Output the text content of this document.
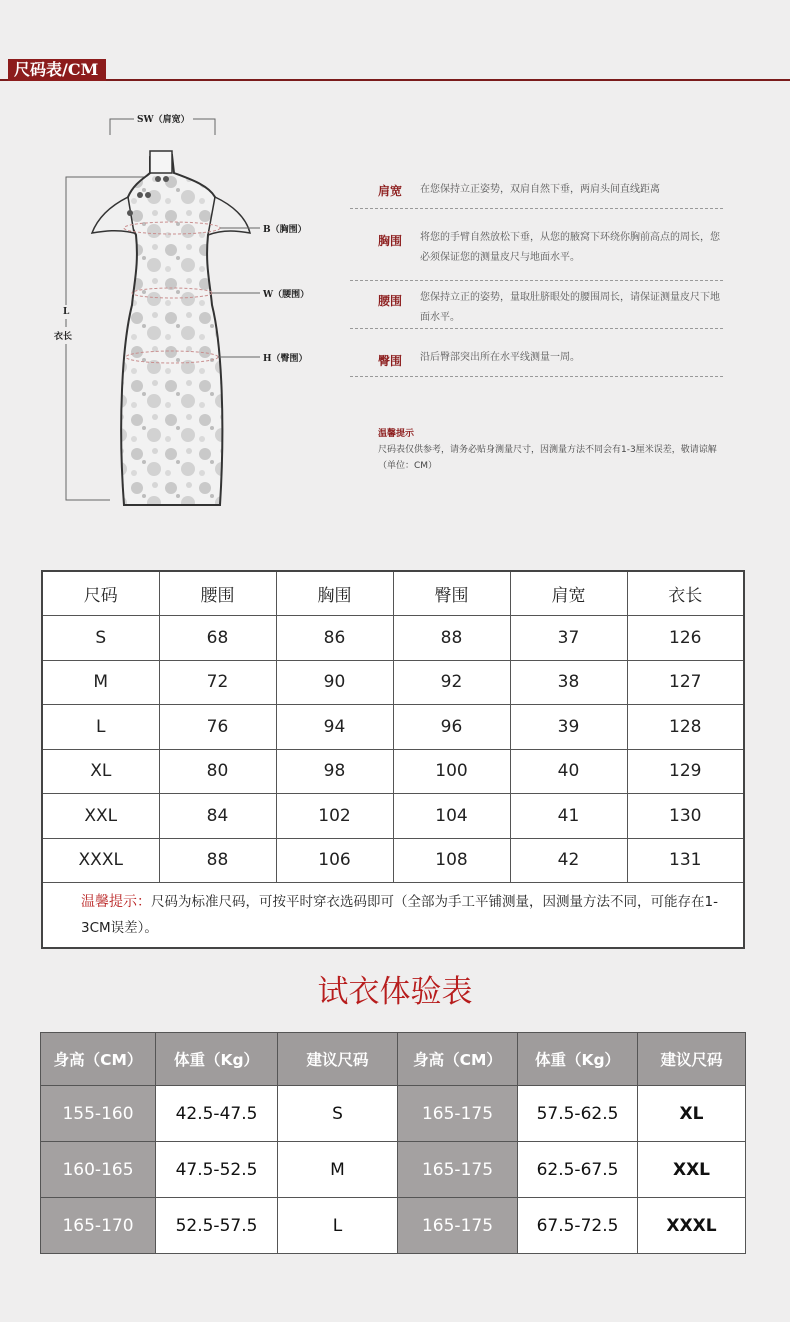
尺码表/CM
SW（肩宽）
B（胸围）
W（腰围）
H（臀围）
L
衣长
肩宽 在您保持立正姿势，双肩自然下垂，两肩头间直线距离
胸围 将您的手臂自然放松下垂，从您的腋窝下环绕你胸前高点的周长，您必须保证您的测量皮尺与地面水平。
腰围 您保持立正的姿势，量取肚脐眼处的腰围周长，请保证测量皮尺下地面水平。
臀围 沿后臀部突出所在水平线测量一周。
温馨提示
尺码表仅供参考，请务必贴身测量尺寸，因测量方法不同会有1-3厘米误差，敬请谅解（单位：CM）
尺码	腰围	胸围	臀围	肩宽	衣长
S	68	86	88	37	126
M	72	90	92	38	127
L	76	94	96	39	128
XL	80	98	100	40	129
XXL	84	102	104	41	130
XXXL	88	106	108	42	131
温馨提示：尺码为标准尺码，可按平时穿衣选码即可（全部为手工平铺测量，因测量方法不同，可能存在1-3CM误差）。					
试衣体验表
身高（CM）	体重（Kg）	建议尺码	身高（CM）	体重（Kg）	建议尺码
155-160	42.5-47.5	S	165-175	57.5-62.5	XL
160-165	47.5-52.5	M	165-175	62.5-67.5	XXL
165-170	52.5-57.5	L	165-175	67.5-72.5	XXXL
